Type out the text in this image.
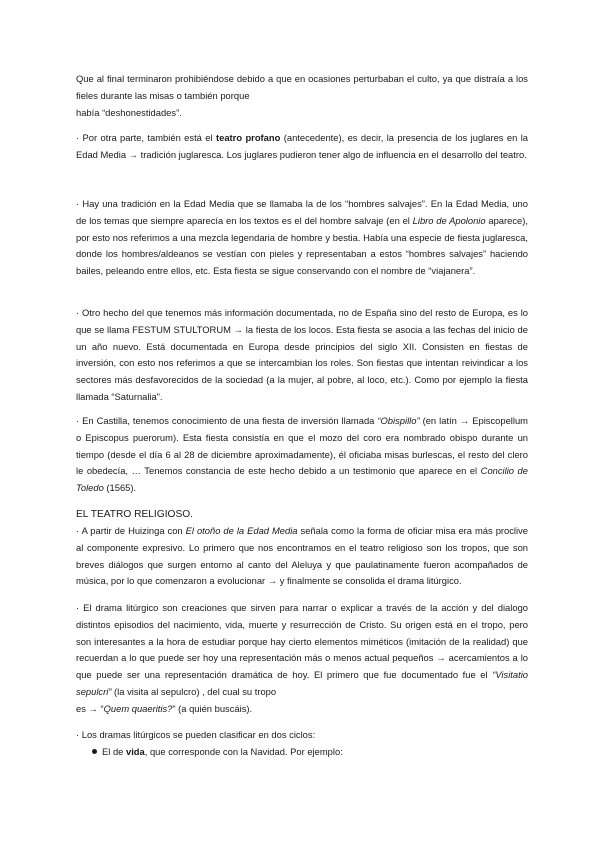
Que al final terminaron prohibiéndose debido a que en ocasiones perturbaban el culto, ya que distraía a los fieles durante las misas o también porque
había “deshonestidades”.
· Por otra parte, también está el teatro profano (antecedente), es decir, la presencia de los juglares en la Edad Media → tradición juglaresca. Los juglares pudieron tener algo de influencia en el desarrollo del teatro.
· Hay una tradición en la Edad Media que se llamaba la de los “hombres salvajes”. En la Edad Media, uno de los temas que siempre aparecía en los textos es el del hombre salvaje (en el Libro de Apolonio aparece), por esto nos referimos a una mezcla legendaria de hombre y bestia. Había una especie de fiesta juglaresca, donde los hombres/aldeanos se vestían con pieles y representaban a estos “hombres salvajes” haciendo bailes, peleando entre ellos, etc. Esta fiesta se sigue conservando con el nombre de “viajanera”.
· Otro hecho del que tenemos más información documentada, no de España sino del resto de Europa, es lo que se llama FESTUM STULTORUM → la fiesta de los locos. Esta fiesta se asocia a las fechas del inicio de un año nuevo. Está documentada en Europa desde principios del siglo XII. Consisten en fiestas de inversión, con esto nos referimos a que se intercambian los roles. Son fiestas que intentan reivindicar a los sectores más desfavorecidos de la sociedad (a la mujer, al pobre, al loco, etc.). Como por ejemplo la fiesta llamada “Saturnalia”.
· En Castilla, tenemos conocimiento de una fiesta de inversión llamada “Obispillo” (en latín → Episcopellum o Episcopus puerorum). Esta fiesta consistía en que el mozo del coro era nombrado obispo durante un tiempo (desde el día 6 al 28 de diciembre aproximadamente), él oficiaba misas burlescas, el resto del clero le obedecía, … Tenemos constancia de este hecho debido a un testimonio que aparece en el Concilio de Toledo (1565).
EL TEATRO RELIGIOSO.
· A partir de Huizinga con El otoño de la Edad Media señala como la forma de oficiar misa era más proclive al componente expresivo. Lo primero que nos encontramos en el teatro religioso son los tropos, que son breves diálogos que surgen entorno al canto del Aleluya y que paulatinamente fueron acompañados de música, por lo que comenzaron a evolucionar → y finalmente se consolida el drama litúrgico.
· El drama litúrgico son creaciones que sirven para narrar o explicar a través de la acción y del dialogo distintos episodios del nacimiento, vida, muerte y resurrección de Cristo. Su origen está en el tropo, pero son interesantes a la hora de estudiar porque hay cierto elementos miméticos (imitación de la realidad) que recuerdan a lo que puede ser hoy una representación más o menos actual pequeños → acercamientos a lo que puede ser una representación dramática de hoy. El primero que fue documentado fue el “Visitatio sepulcri” (la visita al sepulcro) , del cual su tropo
es → “Quem quaeritis?” (a quién buscáis).
· Los dramas litúrgicos se pueden clasificar en dos ciclos:
El de vida, que corresponde con la Navidad. Por ejemplo:
